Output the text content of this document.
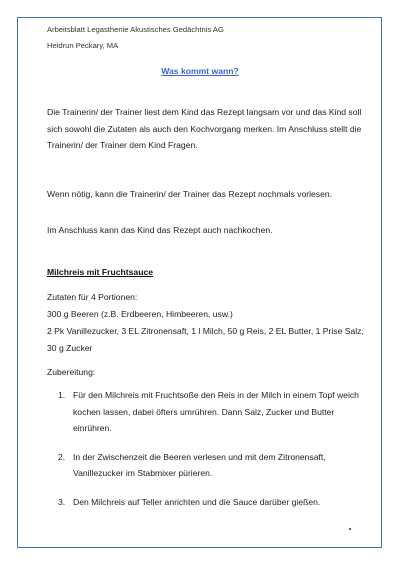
Arbeitsblatt Legasthenie Akustisches Gedächtnis AG
Heidrun Peckary, MA
Was kommt wann?
Die Trainerin/ der Trainer liest dem Kind das Rezept langsam vor und das Kind soll sich sowohl die Zutaten als auch den Kochvorgang merken. Im Anschluss stellt die Trainerin/ der Trainer dem Kind Fragen.
Wenn nötig, kann die Trainerin/ der Trainer das Rezept nochmals vorlesen.
Im Anschluss kann das Kind das Rezept auch nachkochen.
Milchreis mit Fruchtsauce
Zutaten für 4 Portionen:
300 g Beeren (z.B. Erdbeeren, Himbeeren, usw.)
2 Pk Vanillezucker, 3 EL Zitronensaft, 1 l Milch, 50 g Reis, 2 EL Butter, 1 Prise Salz, 30 g Zucker
Zubereitung:
1. Für den Milchreis mit Fruchtsoße den Reis in der Milch in einem Topf weich kochen lassen, dabei öfters umrühren. Dann Salz, Zucker und Butter einrühren.
2. In der Zwischenzeit die Beeren verlesen und mit dem Zitronensaft, Vanillezucker im Stabmixer pürieren.
3. Den Milchreis auf Teller anrichten und die Sauce darüber gießen.
